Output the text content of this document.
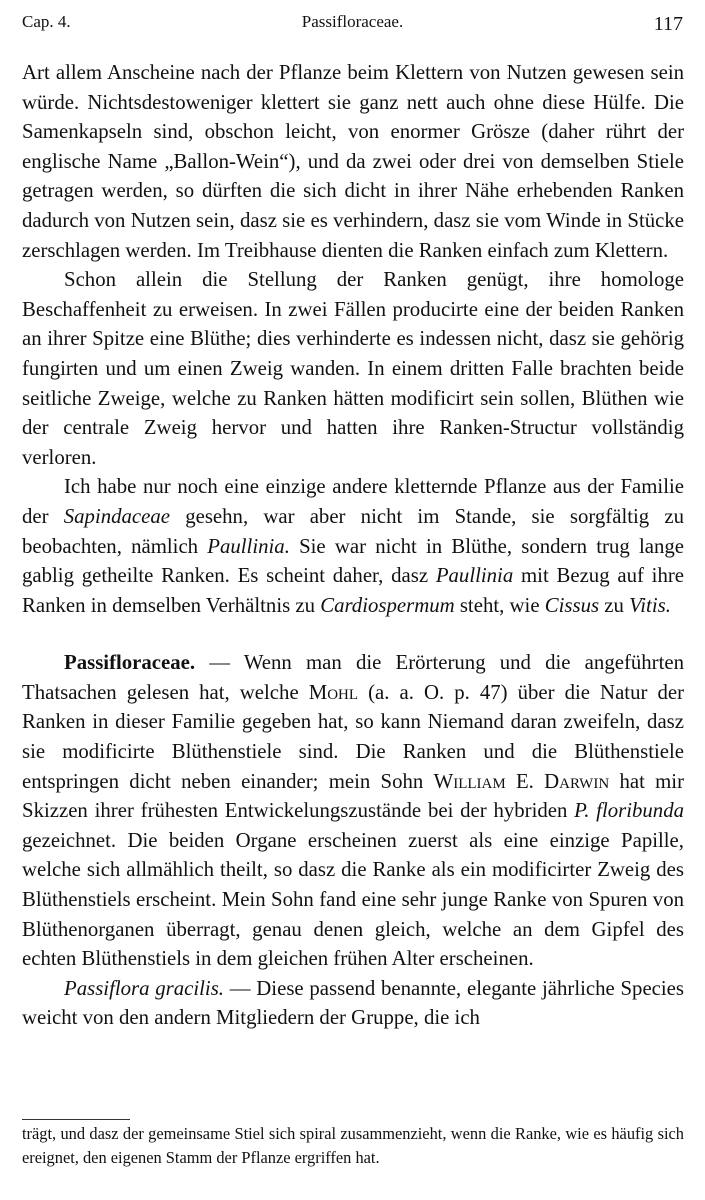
Cap. 4.	Passifloraceae.	117

Art allem Anscheine nach der Pflanze beim Klettern von Nutzen gewesen sein würde. Nichtsdestoweniger klettert sie ganz nett auch ohne diese Hülfe. Die Samenkapseln sind, obschon leicht, von enormer Grösze (daher rührt der englische Name „Ballon-Wein“), und da zwei oder drei von demselben Stiele getragen werden, so dürften die sich dicht in ihrer Nähe erhebenden Ranken dadurch von Nutzen sein, dasz sie es verhindern, dasz sie vom Winde in Stücke zerschlagen werden. Im Treibhause dienten die Ranken einfach zum Klettern.

Schon allein die Stellung der Ranken genügt, ihre homologe Beschaffenheit zu erweisen. In zwei Fällen producirte eine der beiden Ranken an ihrer Spitze eine Blüthe; dies verhinderte es indessen nicht, dasz sie gehörig fungirten und um einen Zweig wanden. In einem dritten Falle brachten beide seitliche Zweige, welche zu Ranken hätten modificirt sein sollen, Blüthen wie der centrale Zweig hervor und hatten ihre Ranken-Structur vollständig verloren.

Ich habe nur noch eine einzige andere kletternde Pflanze aus der Familie der Sapindaceae gesehn, war aber nicht im Stande, sie sorgfältig zu beobachten, nämlich Paullinia. Sie war nicht in Blüthe, sondern trug lange gablig getheilte Ranken. Es scheint daher, dasz Paullinia mit Bezug auf ihre Ranken in demselben Verhältnis zu Cardiospermum steht, wie Cissus zu Vitis.

Passifloraceae. — Wenn man die Erörterung und die angeführten Thatsachen gelesen hat, welche Mohl (a. a. O. p. 47) über die Natur der Ranken in dieser Familie gegeben hat, so kann Niemand daran zweifeln, dasz sie modificirte Blüthenstiele sind. Die Ranken und die Blüthenstiele entspringen dicht neben einander; mein Sohn William E. Darwin hat mir Skizzen ihrer frühesten Entwickelungszustände bei der hybriden P. floribunda gezeichnet. Die beiden Organe erscheinen zuerst als eine einzige Papille, welche sich allmählich theilt, so dasz die Ranke als ein modificirter Zweig des Blüthenstiels erscheint. Mein Sohn fand eine sehr junge Ranke von Spuren von Blüthenorganen überragt, genau denen gleich, welche an dem Gipfel des echten Blüthenstiels in dem gleichen frühen Alter erscheinen.

Passiflora gracilis. — Diese passend benannte, elegante jährliche Species weicht von den andern Mitgliedern der Gruppe, die ich

trägt, und dasz der gemeinsame Stiel sich spiral zusammenzieht, wenn die Ranke, wie es häufig sich ereignet, den eigenen Stamm der Pflanze ergriffen hat.
